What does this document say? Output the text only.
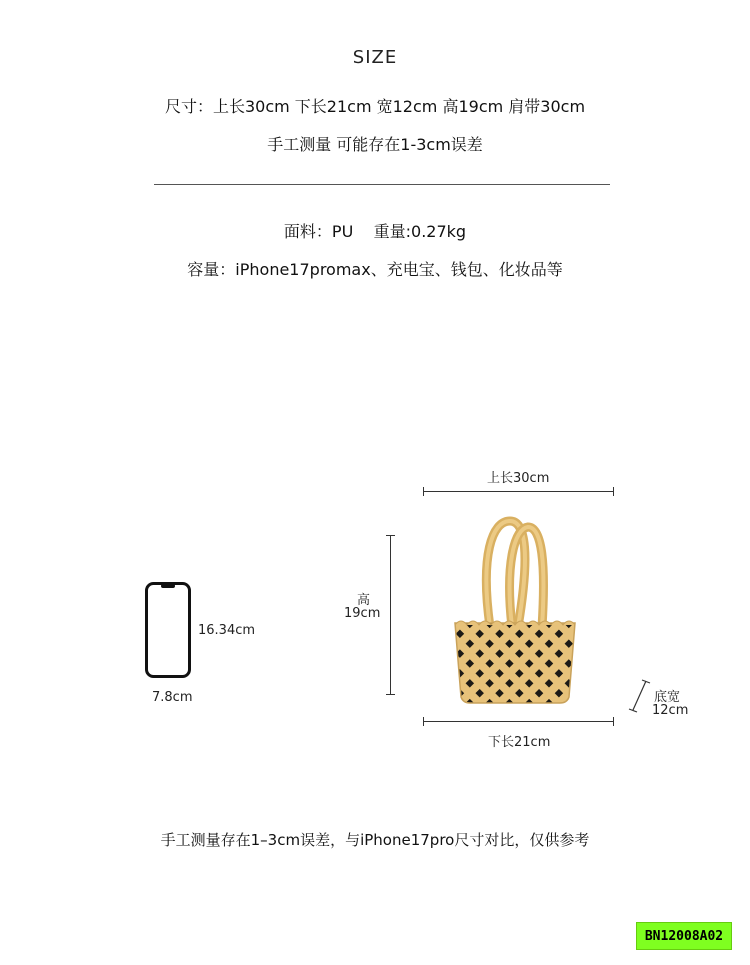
SIZE
尺寸：上长30cm 下长21cm 宽12cm 高19cm 肩带30cm
手工测量 可能存在1-3cm误差
面料：PU    重量:0.27kg
容量：iPhone17promax、充电宝、钱包、化妆品等
16.34cm
7.8cm
上长30cm
高
19cm
下长21cm
底宽
12cm
手工测量存在1–3cm误差，与iPhone17pro尺寸对比，仅供参考
BN12008A02
